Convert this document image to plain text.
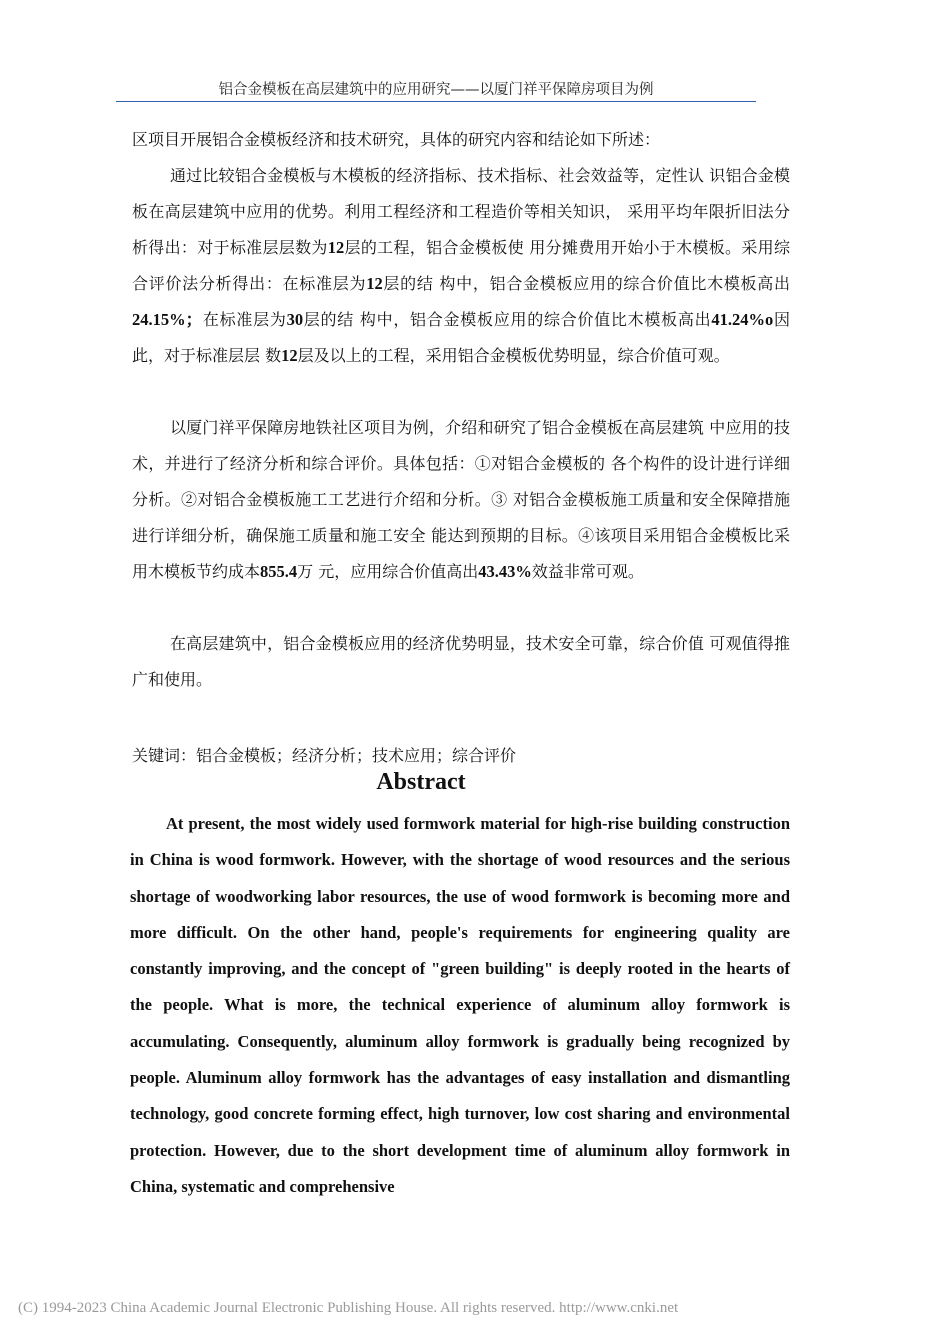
铝合金模板在高层建筑中的应用研究——以厦门祥平保障房项目为例

区项目开展铝合金模板经济和技术研究，具体的研究内容和结论如下所述：

通过比较铝合金模板与木模板的经济指标、技术指标、社会效益等，定性认 识铝合金模板在高层建筑中应用的优势。利用工程经济和工程造价等相关知识， 采用平均年限折旧法分析得出：对于标准层层数为12层的工程，铝合金模板使 用分摊费用开始小于木模板。采用综合评价法分析得出：在标准层为12层的结 构中，铝合金模板应用的综合价值比木模板高出24.15%；在标准层为30层的结 构中，铝合金模板应用的综合价值比木模板高出41.24%o因此，对于标准层层 数12层及以上的工程，采用铝合金模板优势明显，综合价值可观。

以厦门祥平保障房地铁社区项目为例，介绍和研究了铝合金模板在高层建筑 中应用的技术，并进行了经济分析和综合评价。具体包括：①对铝合金模板的 各个构件的设计进行详细分析。②对铝合金模板施工工艺进行介绍和分析。③ 对铝合金模板施工质量和安全保障措施进行详细分析，确保施工质量和施工安全 能达到预期的目标。④该项目采用铝合金模板比采用木模板节约成本855.4万 元，应用综合价值高出43.43%效益非常可观。

在高层建筑中，铝合金模板应用的经济优势明显，技术安全可靠，综合价值 可观值得推广和使用。

关键词：铝合金模板；经济分析；技术应用；综合评价
Abstract

At present, the most widely used formwork material for high-rise building construction in China is wood formwork. However, with the shortage of wood resources and the serious shortage of woodworking labor resources, the use of wood formwork is becoming more and more difficult. On the other hand, people's requirements for engineering quality are constantly improving, and the concept of "green building" is deeply rooted in the hearts of the people. What is more, the technical experience of aluminum alloy formwork is accumulating. Consequently, aluminum alloy formwork is gradually being recognized by people. Aluminum alloy formwork has the advantages of easy installation and dismantling technology, good concrete forming effect, high turnover, low cost sharing and environmental protection. However, due to the short development time of aluminum alloy formwork in China, systematic and comprehensive

(C) 1994-2023 China Academic Journal Electronic Publishing House. All rights reserved. http://www.cnki.net
